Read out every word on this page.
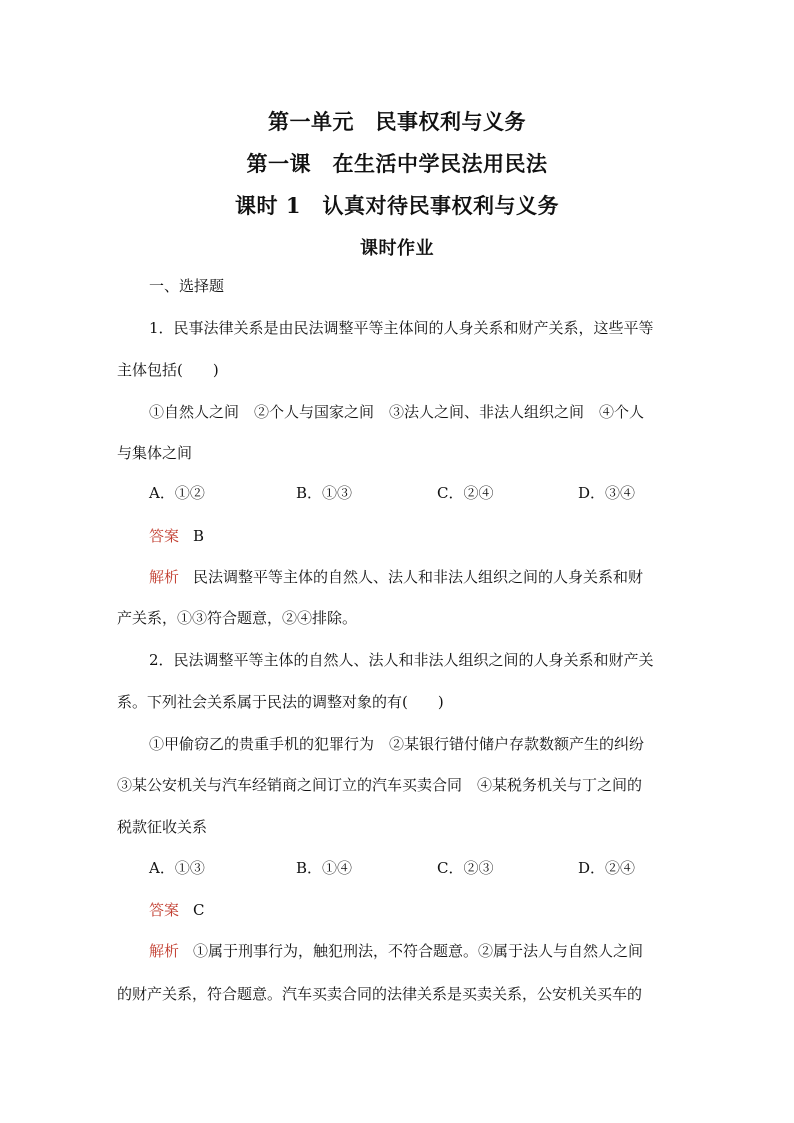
第一单元　民事权利与义务
第一课　在生活中学民法用民法
课时 1　认真对待民事权利与义务
课时作业
一、选择题
1．民事法律关系是由民法调整平等主体间的人身关系和财产关系，这些平等
主体包括(　　)
①自然人之间　②个人与国家之间　③法人之间、非法人组织之间　④个人
与集体之间
A．①②	B．①③	C．②④	D．③④
答案 B
解析 民法调整平等主体的自然人、法人和非法人组织之间的人身关系和财
产关系，①③符合题意，②④排除。
2．民法调整平等主体的自然人、法人和非法人组织之间的人身关系和财产关
系。下列社会关系属于民法的调整对象的有(　　)
①甲偷窃乙的贵重手机的犯罪行为　②某银行错付储户存款数额产生的纠纷
③某公安机关与汽车经销商之间订立的汽车买卖合同　④某税务机关与丁之间的
税款征收关系
A．①③	B．①④	C．②③	D．②④
答案 C
解析 ①属于刑事行为，触犯刑法，不符合题意。②属于法人与自然人之间
的财产关系，符合题意。汽车买卖合同的法律关系是买卖关系，公安机关买车的
